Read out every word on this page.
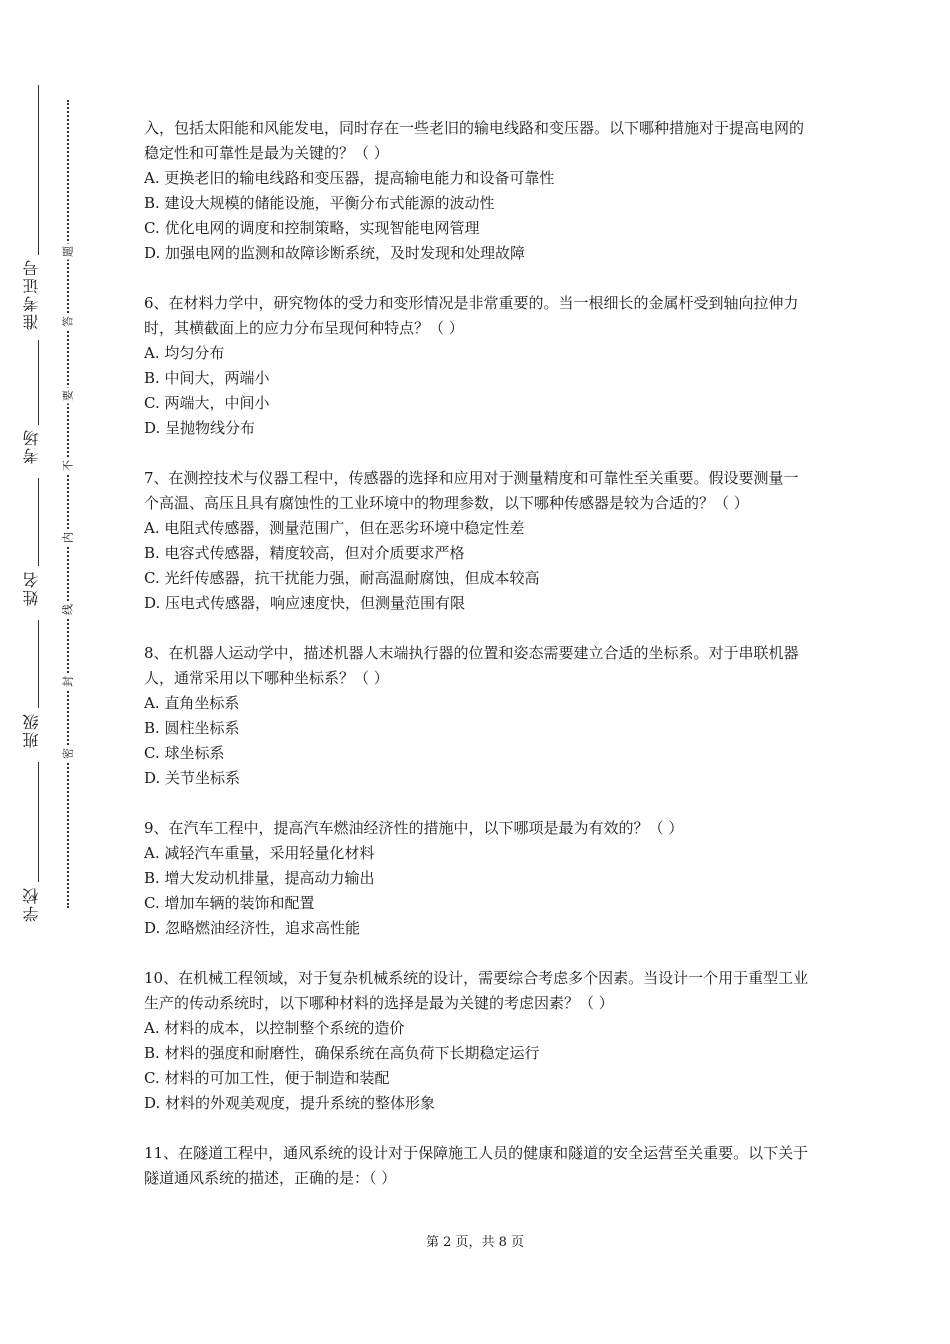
准考证号
考场
姓名
班级
学校
题
答
要
不
内
线
封
密

入，包括太阳能和风能发电，同时存在一些老旧的输电线路和变压器。以下哪种措施对于提高电网的稳定性和可靠性是最为关键的？（ ）

A. 更换老旧的输电线路和变压器，提高输电能力和设备可靠性

B. 建设大规模的储能设施，平衡分布式能源的波动性

C. 优化电网的调度和控制策略，实现智能电网管理

D. 加强电网的监测和故障诊断系统，及时发现和处理故障

6、在材料力学中，研究物体的受力和变形情况是非常重要的。当一根细长的金属杆受到轴向拉伸力时，其横截面上的应力分布呈现何种特点？（ ）

A. 均匀分布

B. 中间大，两端小

C. 两端大，中间小

D. 呈抛物线分布

7、在测控技术与仪器工程中，传感器的选择和应用对于测量精度和可靠性至关重要。假设要测量一个高温、高压且具有腐蚀性的工业环境中的物理参数，以下哪种传感器是较为合适的？（ ）

A. 电阻式传感器，测量范围广，但在恶劣环境中稳定性差

B. 电容式传感器，精度较高，但对介质要求严格

C. 光纤传感器，抗干扰能力强，耐高温耐腐蚀，但成本较高

D. 压电式传感器，响应速度快，但测量范围有限

8、在机器人运动学中，描述机器人末端执行器的位置和姿态需要建立合适的坐标系。对于串联机器人，通常采用以下哪种坐标系？（ ）

A. 直角坐标系

B. 圆柱坐标系

C. 球坐标系

D. 关节坐标系

9、在汽车工程中，提高汽车燃油经济性的措施中，以下哪项是最为有效的？（ ）

A. 减轻汽车重量，采用轻量化材料

B. 增大发动机排量，提高动力输出

C. 增加车辆的装饰和配置

D. 忽略燃油经济性，追求高性能

10、在机械工程领域，对于复杂机械系统的设计，需要综合考虑多个因素。当设计一个用于重型工业生产的传动系统时，以下哪种材料的选择是最为关键的考虑因素？（ ）

A. 材料的成本，以控制整个系统的造价

B. 材料的强度和耐磨性，确保系统在高负荷下长期稳定运行

C. 材料的可加工性，便于制造和装配

D. 材料的外观美观度，提升系统的整体形象

11、在隧道工程中，通风系统的设计对于保障施工人员的健康和隧道的安全运营至关重要。以下关于隧道通风系统的描述，正确的是：（ ）

第 2 页，共 8 页
